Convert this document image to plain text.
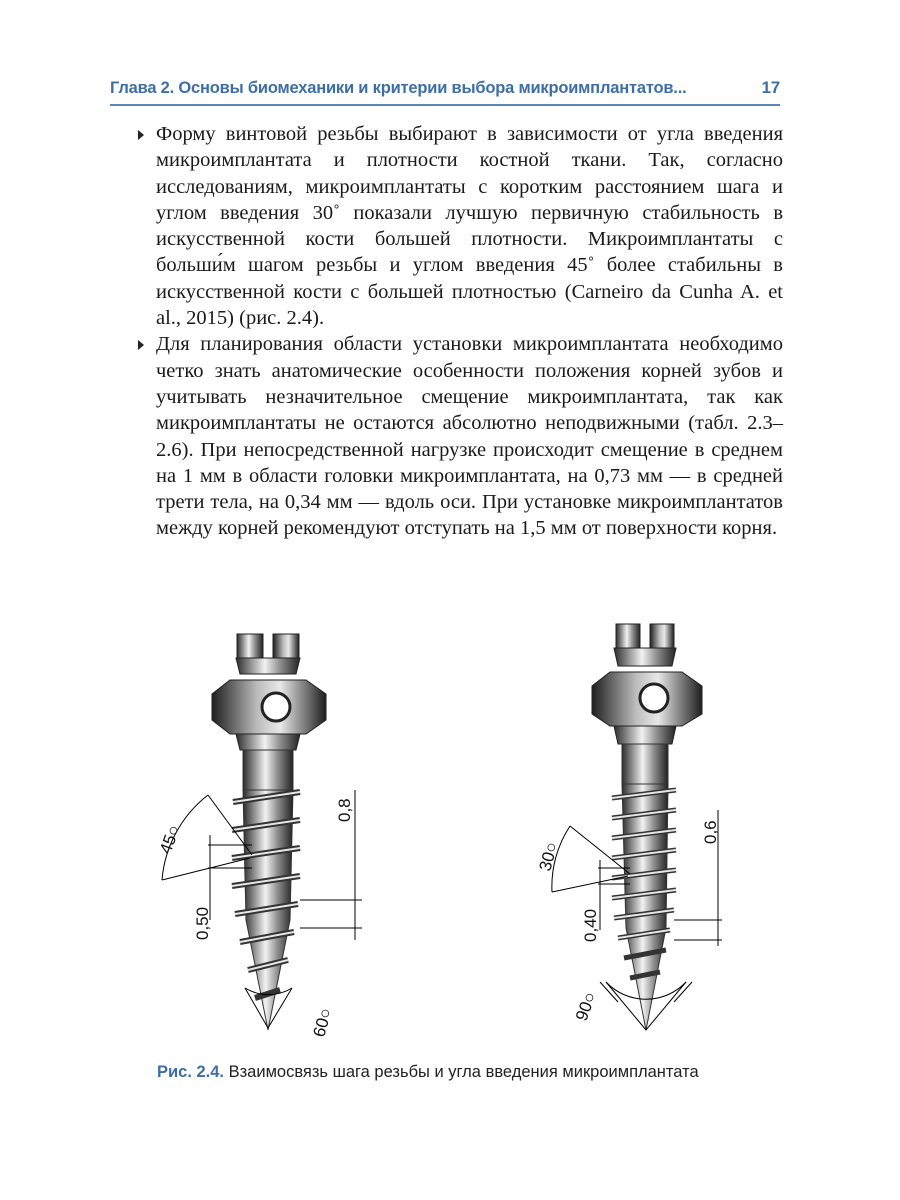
Глава 2. Основы биомеханики и критерии выбора микроимплантатов...	17
Форму винтовой резьбы выбирают в зависимости от угла введения микроимплантата и плотности костной ткани. Так, согласно исследованиям, микроимплантаты с коротким расстоянием шага и углом введения 30˚ показали лучшую первичную стабильность в искусственной кости большей плотности. Микроимплантаты с больши́м шагом резьбы и углом введения 45˚ более стабильны в искусственной кости с большей плотностью (Carneiro da Cunha A. et al., 2015) (рис. 2.4).
Для планирования области установки микроимплантата необходимо четко знать анатомические особенности положения корней зубов и учитывать незначительное смещение микроимплантата, так как микроимплантаты не остаются абсолютно неподвижными (табл. 2.3–2.6). При непосредственной нагрузке происходит смещение в среднем на 1 мм в области головки микроимплантата, на 0,73 мм — в средней трети тела, на 0,34 мм — вдоль оси. При установке микроимплантатов между корней рекомендуют отступать на 1,5 мм от поверхности корня.
45○
0,8
0,50
60○
30○
0,6
0,40
90○
Рис. 2.4. Взаимосвязь шага резьбы и угла введения микроимплантата
